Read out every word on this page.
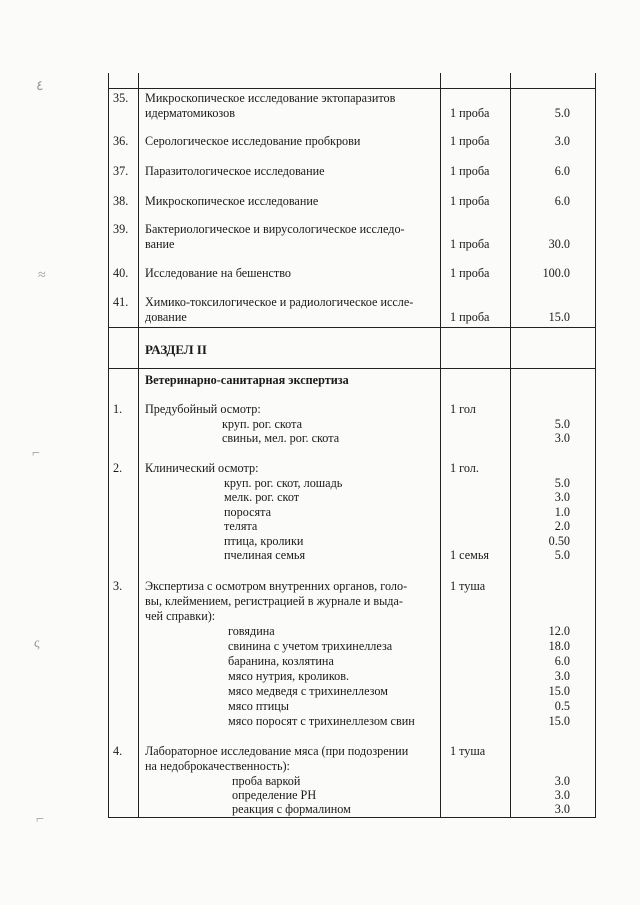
٤
≈
⌐
ς
⌐
35. Микроскопическое исследование эктопаразитов
идерматомикозов	1 проба	5.0
36. Серологическое исследование пробкрови	1 проба	3.0
37. Паразитологическое исследование	1 проба	6.0
38. Микроскопическое исследование	1 проба	6.0
39. Бактериологическое и вирусологическое исследо-
вание	1 проба	30.0
40. Исследование на бешенство	1 проба	100.0
41. Химико-токсилогическое и радиологическое иссле-
дование	1 проба	15.0
РАЗДЕЛ II
Ветеринарно-санитарная экспертиза
1. Предубойный осмотр:	1 гол
круп. рог. скота	5.0
свиньи, мел. рог. скота	3.0
2. Клинический осмотр:	1 гол.
круп. рог. скот, лошадь	5.0
мелк. рог. скот	3.0
поросята	1.0
телята	2.0
птица, кролики	0.50
пчелиная семья	1 семья	5.0
3. Экспертиза с осмотром внутренних органов, голо-
вы, клеймением, регистрацией в журнале и выда-
чей справки):
1 туша
говядина	12.0
свинина с учетом трихинеллеза	18.0
баранина, козлятина	6.0
мясо нутрия, кроликов.	3.0
мясо медведя с трихинеллезом	15.0
мясо птицы	0.5
мясо поросят с трихинеллезом свин	15.0
4. Лабораторное исследование мяса (при подозрении
на недоброкачественность):
1 туша
проба варкой	3.0
определение РН	3.0
реакция с формалином	3.0
